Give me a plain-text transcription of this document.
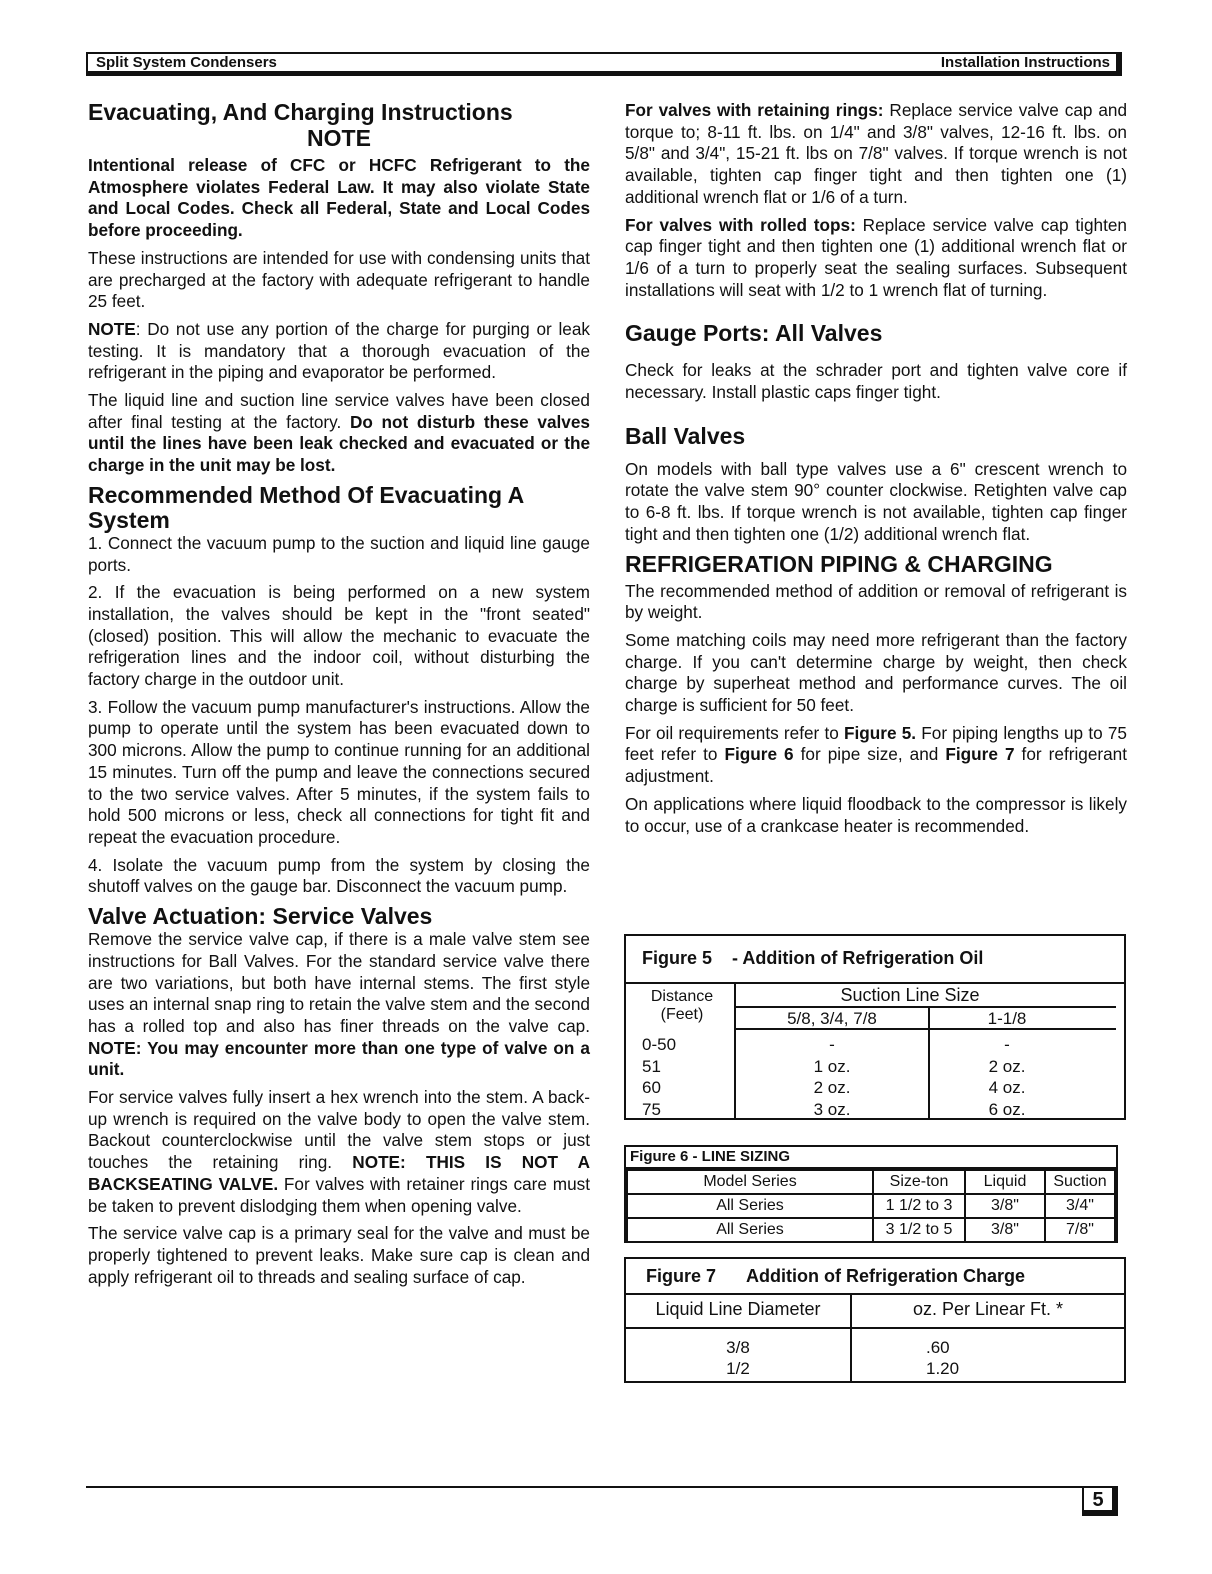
Split System Condensers	Installation Instructions
Evacuating, And Charging Instructions
NOTE

Intentional release of CFC or HCFC Refrigerant to the Atmosphere violates Federal Law. It may also violate State and Local Codes. Check all Federal, State and Local Codes before proceeding.

These instructions are intended for use with condensing units that are precharged at the factory with adequate refrigerant to handle 25 feet.

NOTE: Do not use any portion of the charge for purging or leak testing. It is mandatory that a thorough evacuation of the refrigerant in the piping and evaporator be performed.

The liquid line and suction line service valves have been closed after final testing at the factory. Do not disturb these valves until the lines have been leak checked and evacuated or the charge in the unit may be lost.

Recommended Method Of Evacuating A System

1. Connect the vacuum pump to the suction and liquid line gauge ports.

2. If the evacuation is being performed on a new system installation, the valves should be kept in the "front seated" (closed) position. This will allow the mechanic to evacuate the refrigeration lines and the indoor coil, without disturbing the factory charge in the outdoor unit.

3. Follow the vacuum pump manufacturer's instructions. Allow the pump to operate until the system has been evacuated down to 300 microns. Allow the pump to continue running for an additional 15 minutes. Turn off the pump and leave the connections secured to the two service valves. After 5 minutes, if the system fails to hold 500 microns or less, check all connections for tight fit and repeat the evacuation procedure.

4. Isolate the vacuum pump from the system by closing the shutoff valves on the gauge bar. Disconnect the vacuum pump.

Valve Actuation: Service Valves

Remove the service valve cap, if there is a male valve stem see instructions for Ball Valves. For the standard service valve there are two variations, but both have internal stems. The first style uses an internal snap ring to retain the valve stem and the second has a rolled top and also has finer threads on the valve cap. NOTE: You may encounter more than one type of valve on a unit.

For service valves fully insert a hex wrench into the stem. A back-up wrench is required on the valve body to open the valve stem. Backout counterclockwise until the valve stem stops or just touches the retaining ring. NOTE: THIS IS NOT A BACKSEATING VALVE. For valves with retainer rings care must be taken to prevent dislodging them when opening valve.

The service valve cap is a primary seal for the valve and must be properly tightened to prevent leaks. Make sure cap is clean and apply refrigerant oil to threads and sealing surface of cap.

For valves with retaining rings: Replace service valve cap and torque to; 8-11 ft. lbs. on 1/4" and 3/8" valves, 12-16 ft. lbs. on 5/8" and 3/4", 15-21 ft. lbs on 7/8" valves. If torque wrench is not available, tighten cap finger tight and then tighten one (1) additional wrench flat or 1/6 of a turn.

For valves with rolled tops: Replace service valve cap tighten cap finger tight and then tighten one (1) additional wrench flat or 1/6 of a turn to properly seat the sealing surfaces. Subsequent installations will seat with 1/2 to 1 wrench flat of turning.

Gauge Ports: All Valves

Check for leaks at the schrader port and tighten valve core if necessary. Install plastic caps finger tight.

Ball Valves

On models with ball type valves use a 6" crescent wrench to rotate the valve stem 90° counter clockwise. Retighten valve cap to 6-8 ft. lbs. If torque wrench is not available, tighten cap finger tight and then tighten one (1/2) additional wrench flat.

REFRIGERATION PIPING & CHARGING

The recommended method of addition or removal of refrigerant is by weight.

Some matching coils may need more refrigerant than the factory charge. If you can't determine charge by weight, then check charge by superheat method and performance curves. The oil charge is sufficient for 50 feet.

For oil requirements refer to Figure 5. For piping lengths up to 75 feet refer to Figure 6 for pipe size, and Figure 7 for refrigerant adjustment.

On applications where liquid floodback to the compressor is likely to occur, use of a crankcase heater is recommended.

Figure 5 - Addition of Refrigeration Oil
Distance
(Feet)
Suction Line Size
5/8, 3/4, 7/8	1-1/8
0-50	-	-
51	1 oz.	2 oz.
60	2 oz.	4 oz.
75	3 oz.	6 oz.
Figure 6 - LINE SIZING
Model Series	Size-ton	Liquid	Suction
All Series	1 1/2 to 3	3/8"	3/4"
All Series	3 1/2 to 5	3/8"	7/8"
Figure 7 Addition of Refrigeration Charge
Liquid Line Diameter	oz. Per Linear Ft. *
3/8	.60
1/2	1.20
5
